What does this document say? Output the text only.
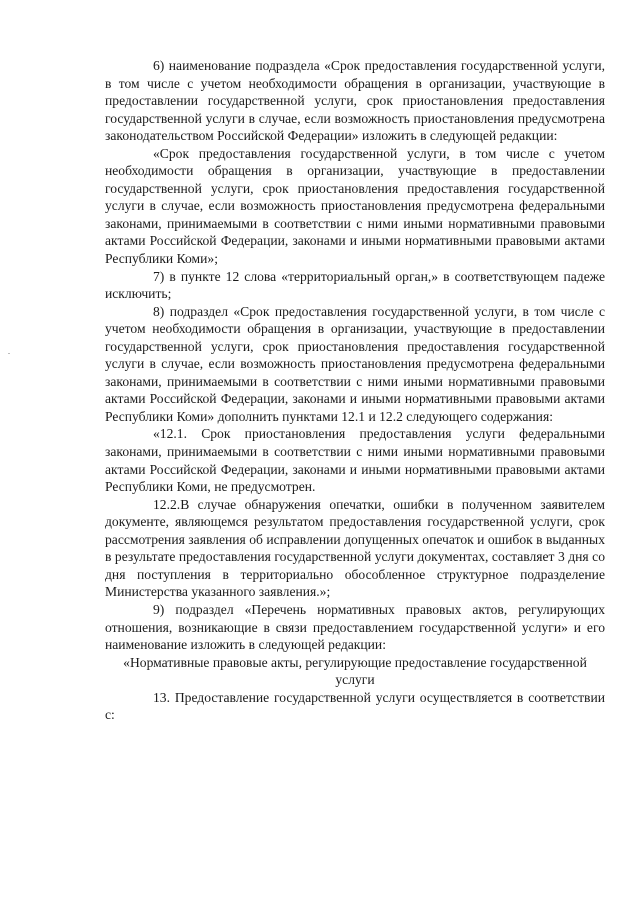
6) наименование подраздела «Срок предоставления государственной услуги, в том числе с учетом необходимости обращения в организации, участвующие в предоставлении государственной услуги, срок приостановления предоставления государственной услуги в случае, если возможность приостановления предусмотрена законодательством Российской Федерации» изложить в следующей редакции:

«Срок предоставления государственной услуги, в том числе с учетом необходимости обращения в организации, участвующие в предоставлении государственной услуги, срок приостановления предоставления государственной услуги в случае, если возможность приостановления предусмотрена федеральными законами, принимаемыми в соответствии с ними иными нормативными правовыми актами Российской Федерации, законами и иными нормативными правовыми актами Республики Коми»;

7) в пункте 12 слова «территориальный орган,» в соответствующем падеже исключить;

8) подраздел «Срок предоставления государственной услуги, в том числе с учетом необходимости обращения в организации, участвующие в предоставлении государственной услуги, срок приостановления предоставления государственной услуги в случае, если возможность приостановления предусмотрена федеральными законами, принимаемыми в соответствии с ними иными нормативными правовыми актами Российской Федерации, законами и иными нормативными правовыми актами Республики Коми» дополнить пунктами 12.1 и 12.2 следующего содержания:

«12.1. Срок приостановления предоставления услуги федеральными законами, принимаемыми в соответствии с ними иными нормативными правовыми актами Российской Федерации, законами и иными нормативными правовыми актами Республики Коми, не предусмотрен.

12.2.В случае обнаружения опечатки, ошибки в полученном заявителем документе, являющемся результатом предоставления государственной услуги, срок рассмотрения заявления об исправлении допущенных опечаток и ошибок в выданных в результате предоставления государственной услуги документах, составляет 3 дня со дня поступления в территориально обособленное структурное подразделение Министерства указанного заявления.»;

9) подраздел «Перечень нормативных правовых актов, регулирующих отношения, возникающие в связи предоставлением государственной услуги» и его наименование изложить в следующей редакции:

«Нормативные правовые акты, регулирующие предоставление государственной услуги

13. Предоставление государственной услуги осуществляется в соответствии с:
